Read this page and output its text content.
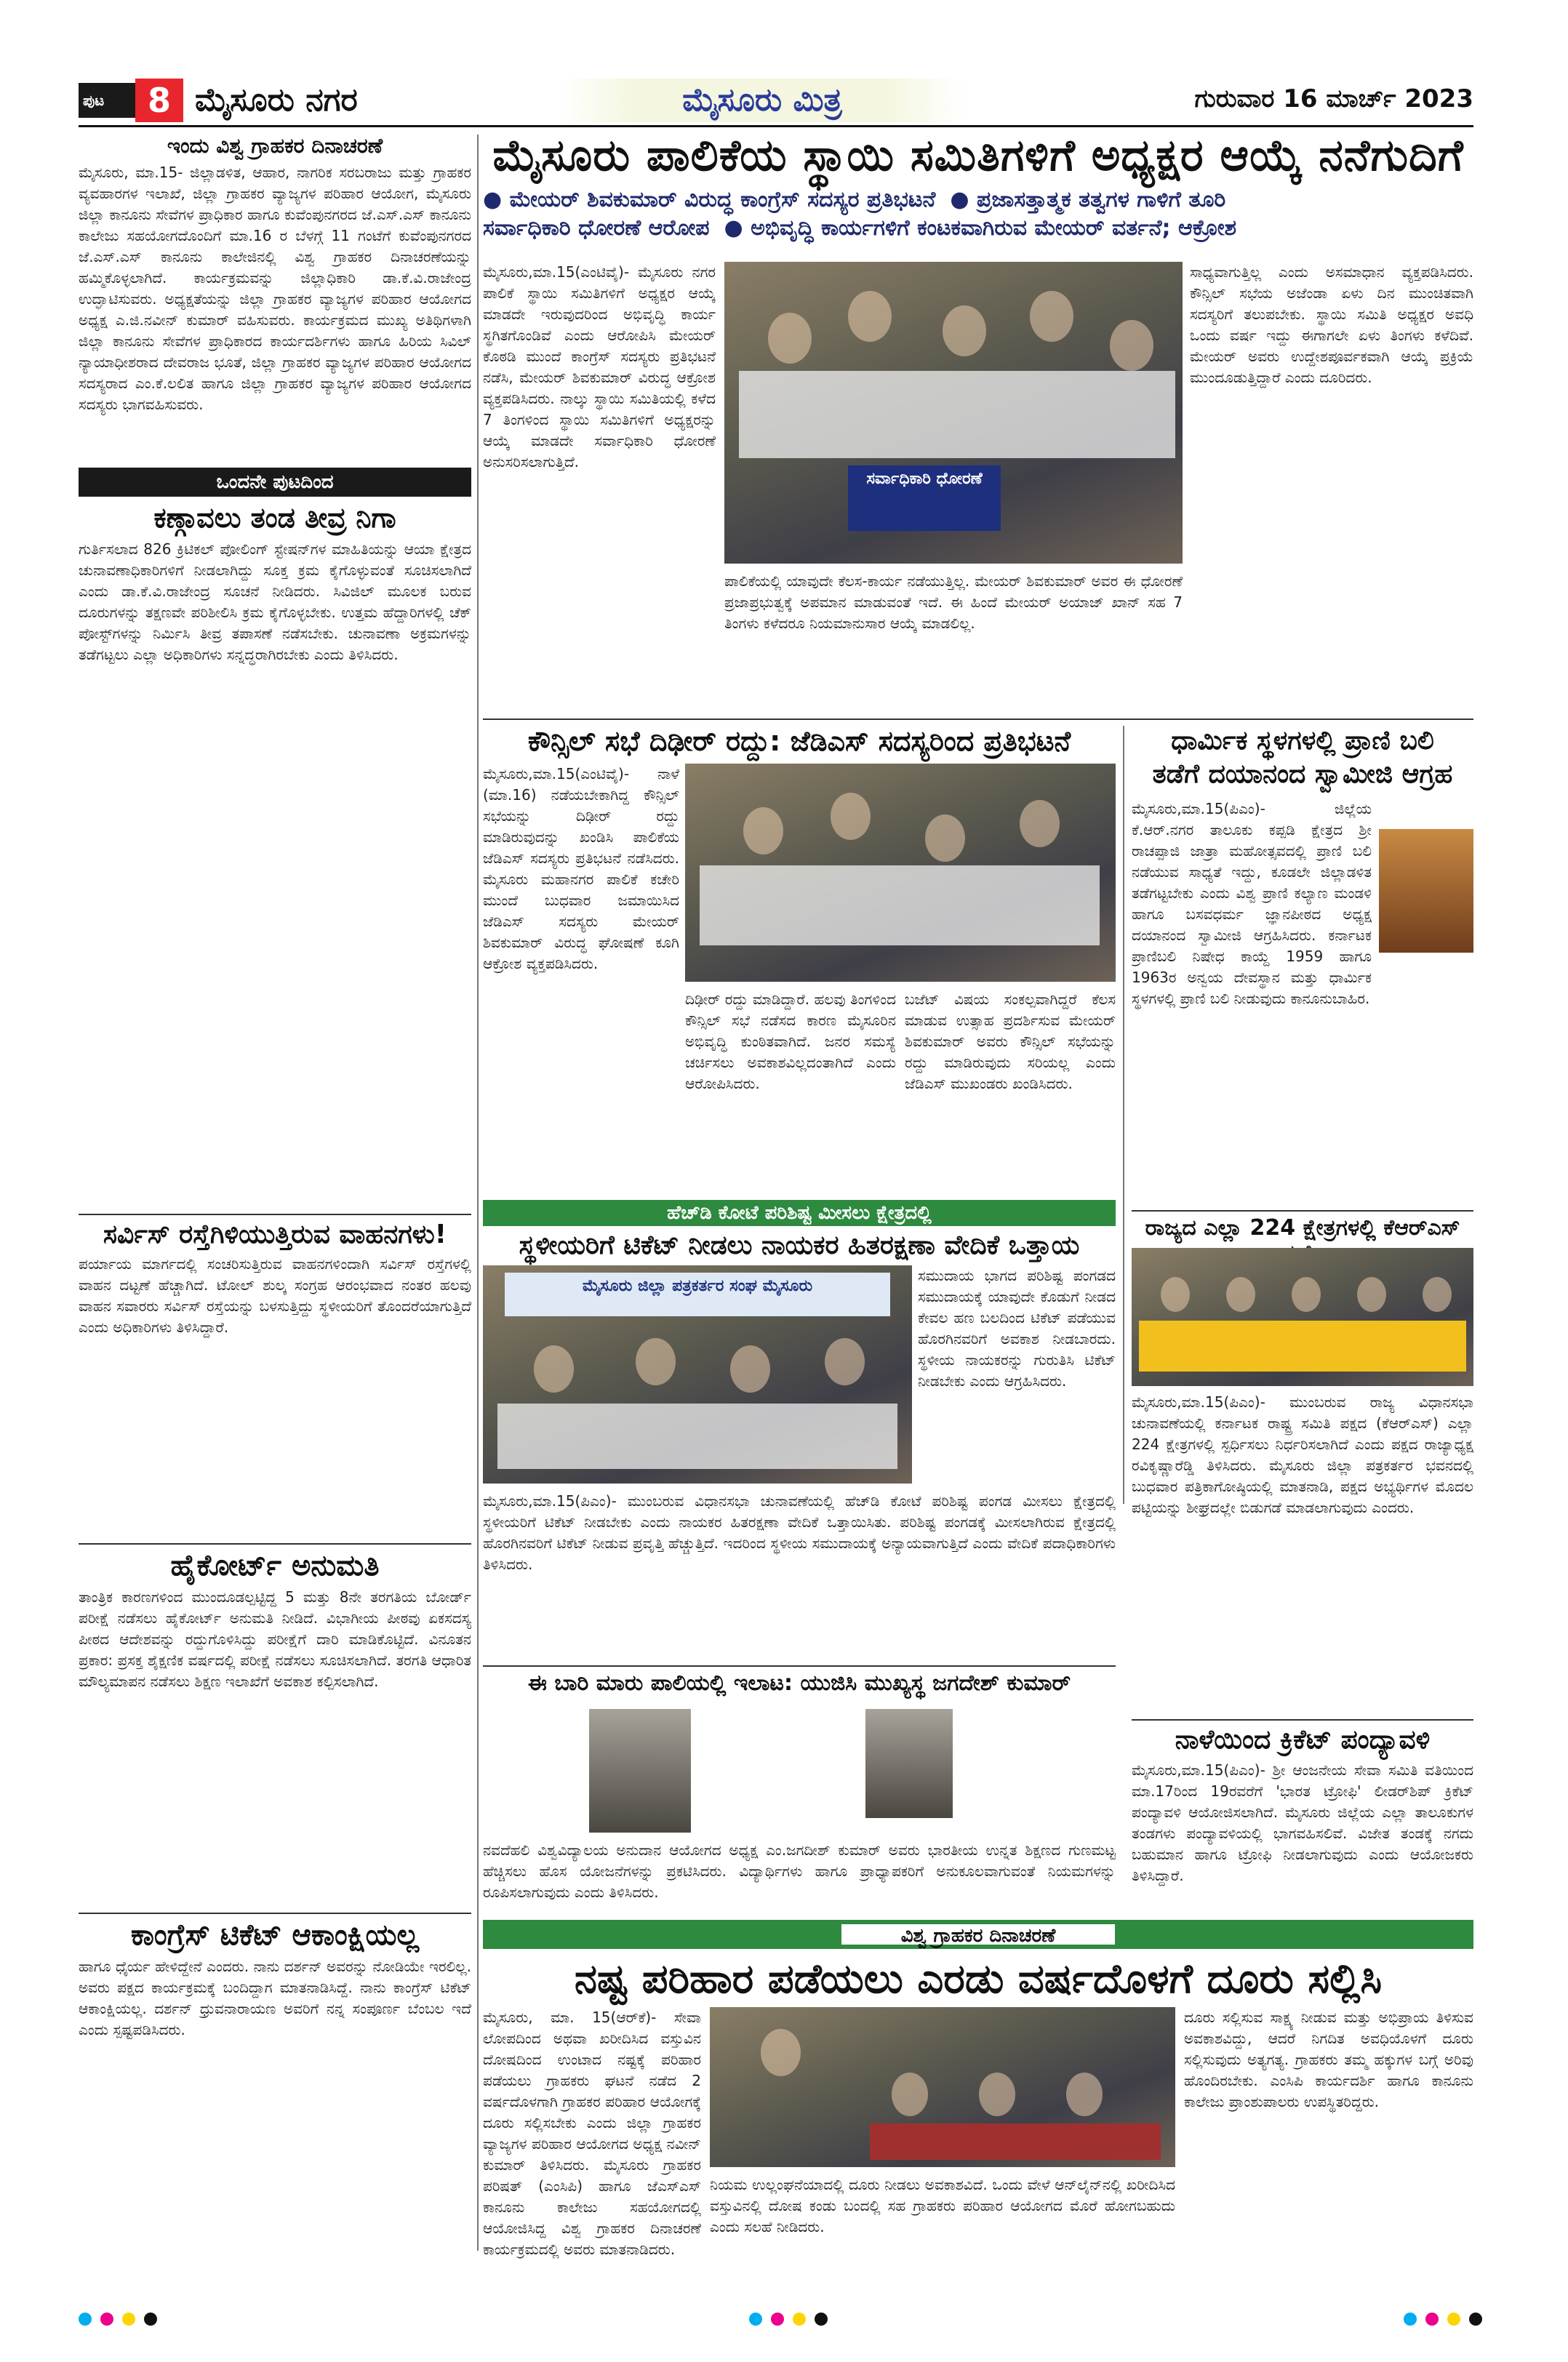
ಪುಟ	8 ಮೈಸೂರು ನಗರ	ಮೈಸೂರು ಮಿತ್ರ	ಗುರುವಾರ 16 ಮಾರ್ಚ್ 2023
ಇಂದು ವಿಶ್ವ ಗ್ರಾಹಕರ ದಿನಾಚರಣೆ
ಮೈಸೂರು, ಮಾ.15- ಜಿಲ್ಲಾಡಳಿತ, ಆಹಾರ, ನಾಗರಿಕ ಸರಬರಾಜು ಮತ್ತು ಗ್ರಾಹಕರ ವ್ಯವಹಾರಗಳ ಇಲಾಖೆ, ಜಿಲ್ಲಾ ಗ್ರಾಹಕರ ವ್ಯಾಜ್ಯಗಳ ಪರಿಹಾರ ಆಯೋಗ, ಮೈಸೂರು ಜಿಲ್ಲಾ ಕಾನೂನು ಸೇವೆಗಳ ಪ್ರಾಧಿಕಾರ ಹಾಗೂ ಕುವೆಂಪುನಗರದ ಜೆ.ಎಸ್.ಎಸ್ ಕಾನೂನು ಕಾಲೇಜು ಸಹಯೋಗದೊಂದಿಗೆ ಮಾ.16 ರ ಬೆಳಗ್ಗೆ 11 ಗಂಟೆಗೆ ಕುವೆಂಪುನಗರದ ಜೆ.ಎಸ್.ಎಸ್ ಕಾನೂನು ಕಾಲೇಜಿನಲ್ಲಿ ವಿಶ್ವ ಗ್ರಾಹಕರ ದಿನಾಚರಣೆಯನ್ನು ಹಮ್ಮಿಕೊಳ್ಳಲಾಗಿದೆ. ಕಾರ್ಯಕ್ರಮವನ್ನು ಜಿಲ್ಲಾಧಿಕಾರಿ ಡಾ.ಕೆ.ವಿ.ರಾಜೇಂದ್ರ ಉದ್ಘಾಟಿಸುವರು. ಅಧ್ಯಕ್ಷತೆಯನ್ನು ಜಿಲ್ಲಾ ಗ್ರಾಹಕರ ವ್ಯಾಜ್ಯಗಳ ಪರಿಹಾರ ಆಯೋಗದ ಅಧ್ಯಕ್ಷ ಎ.ಜಿ.ನವೀನ್ ಕುಮಾರ್ ವಹಿಸುವರು. ಕಾರ್ಯಕ್ರಮದ ಮುಖ್ಯ ಅತಿಥಿಗಳಾಗಿ ಜಿಲ್ಲಾ ಕಾನೂನು ಸೇವೆಗಳ ಪ್ರಾಧಿಕಾರದ ಕಾರ್ಯದರ್ಶಿಗಳು ಹಾಗೂ ಹಿರಿಯ ಸಿವಿಲ್ ನ್ಯಾಯಾಧೀಶರಾದ ದೇವರಾಜ ಭೂತೆ, ಜಿಲ್ಲಾ ಗ್ರಾಹಕರ ವ್ಯಾಜ್ಯಗಳ ಪರಿಹಾರ ಆಯೋಗದ ಸದಸ್ಯರಾದ ಎಂ.ಕೆ.ಲಲಿತ ಹಾಗೂ ಜಿಲ್ಲಾ ಗ್ರಾಹಕರ ವ್ಯಾಜ್ಯಗಳ ಪರಿಹಾರ ಆಯೋಗದ ಸದಸ್ಯರು ಭಾಗವಹಿಸುವರು.
ಒಂದನೇ ಪುಟದಿಂದ
ಕಣ್ಗಾವಲು ತಂಡ ತೀವ್ರ ನಿಗಾ
ಗುರ್ತಿಸಲಾದ 826 ಕ್ರಿಟಿಕಲ್ ಪೋಲಿಂಗ್ ಸ್ಟೇಷನ್‌ಗಳ ಮಾಹಿತಿಯನ್ನು ಆಯಾ ಕ್ಷೇತ್ರದ ಚುನಾವಣಾಧಿಕಾರಿಗಳಿಗೆ ನೀಡಲಾಗಿದ್ದು ಸೂಕ್ತ ಕ್ರಮ ಕೈಗೊಳ್ಳುವಂತೆ ಸೂಚಿಸಲಾಗಿದೆ ಎಂದು ಡಾ.ಕೆ.ವಿ.ರಾಜೇಂದ್ರ ಸೂಚನೆ ನೀಡಿದರು. ಸಿವಿಜಿಲ್ ಮೂಲಕ ಬರುವ ದೂರುಗಳನ್ನು ತಕ್ಷಣವೇ ಪರಿಶೀಲಿಸಿ ಕ್ರಮ ಕೈಗೊಳ್ಳಬೇಕು. ಉತ್ತಮ ಹೆದ್ದಾರಿಗಳಲ್ಲಿ ಚೆಕ್ ಪೋಸ್ಟ್‌ಗಳನ್ನು ನಿರ್ಮಿಸಿ ತೀವ್ರ ತಪಾಸಣೆ ನಡೆಸಬೇಕು. ಚುನಾವಣಾ ಅಕ್ರಮಗಳನ್ನು ತಡೆಗಟ್ಟಲು ಎಲ್ಲಾ ಅಧಿಕಾರಿಗಳು ಸನ್ನದ್ಧರಾಗಿರಬೇಕು ಎಂದು ತಿಳಿಸಿದರು.
ಸರ್ವಿಸ್ ರಸ್ತೆಗಿಳಿಯುತ್ತಿರುವ ವಾಹನಗಳು!
ಪರ್ಯಾಯ ಮಾರ್ಗದಲ್ಲಿ ಸಂಚರಿಸುತ್ತಿರುವ ವಾಹನಗಳಿಂದಾಗಿ ಸರ್ವಿಸ್ ರಸ್ತೆಗಳಲ್ಲಿ ವಾಹನ ದಟ್ಟಣೆ ಹೆಚ್ಚಾಗಿದೆ. ಟೋಲ್ ಶುಲ್ಕ ಸಂಗ್ರಹ ಆರಂಭವಾದ ನಂತರ ಹಲವು ವಾಹನ ಸವಾರರು ಸರ್ವಿಸ್ ರಸ್ತೆಯನ್ನು ಬಳಸುತ್ತಿದ್ದು ಸ್ಥಳೀಯರಿಗೆ ತೊಂದರೆಯಾಗುತ್ತಿದೆ ಎಂದು ಅಧಿಕಾರಿಗಳು ತಿಳಿಸಿದ್ದಾರೆ.
ಹೈಕೋರ್ಟ್ ಅನುಮತಿ
ತಾಂತ್ರಿಕ ಕಾರಣಗಳಿಂದ ಮುಂದೂಡಲ್ಪಟ್ಟಿದ್ದ 5 ಮತ್ತು 8ನೇ ತರಗತಿಯ ಬೋರ್ಡ್ ಪರೀಕ್ಷೆ ನಡೆಸಲು ಹೈಕೋರ್ಟ್ ಅನುಮತಿ ನೀಡಿದೆ. ವಿಭಾಗೀಯ ಪೀಠವು ಏಕಸದಸ್ಯ ಪೀಠದ ಆದೇಶವನ್ನು ರದ್ದುಗೊಳಿಸಿದ್ದು ಪರೀಕ್ಷೆಗೆ ದಾರಿ ಮಾಡಿಕೊಟ್ಟಿದೆ. ವಿನೂತನ ಪ್ರಕಾರ: ಪ್ರಸಕ್ತ ಶೈಕ್ಷಣಿಕ ವರ್ಷದಲ್ಲಿ ಪರೀಕ್ಷೆ ನಡೆಸಲು ಸೂಚಿಸಲಾಗಿದೆ. ತರಗತಿ ಆಧಾರಿತ ಮೌಲ್ಯಮಾಪನ ನಡೆಸಲು ಶಿಕ್ಷಣ ಇಲಾಖೆಗೆ ಅವಕಾಶ ಕಲ್ಪಿಸಲಾಗಿದೆ.
ಕಾಂಗ್ರೆಸ್ ಟಿಕೆಟ್ ಆಕಾಂಕ್ಷಿಯಲ್ಲ
ಹಾಗೂ ಧೈರ್ಯ ಹೇಳಿದ್ದೇನೆ ಎಂದರು. ನಾನು ದರ್ಶನ್ ಅವರನ್ನು ನೋಡಿಯೇ ಇರಲಿಲ್ಲ. ಅವರು ಪಕ್ಷದ ಕಾರ್ಯಕ್ರಮಕ್ಕೆ ಬಂದಿದ್ದಾಗ ಮಾತನಾಡಿಸಿದ್ದೆ. ನಾನು ಕಾಂಗ್ರೆಸ್ ಟಿಕೆಟ್ ಆಕಾಂಕ್ಷಿಯಲ್ಲ. ದರ್ಶನ್ ಧ್ರುವನಾರಾಯಣ ಅವರಿಗೆ ನನ್ನ ಸಂಪೂರ್ಣ ಬೆಂಬಲ ಇದೆ ಎಂದು ಸ್ಪಷ್ಟಪಡಿಸಿದರು.
ಮೈಸೂರು ಪಾಲಿಕೆಯ ಸ್ಥಾಯಿ ಸಮಿತಿಗಳಿಗೆ ಅಧ್ಯಕ್ಷರ ಆಯ್ಕೆ ನನೆಗುದಿಗೆ
● ಮೇಯರ್ ಶಿವಕುಮಾರ್ ವಿರುದ್ಧ ಕಾಂಗ್ರೆಸ್ ಸದಸ್ಯರ ಪ್ರತಿಭಟನೆ ● ಪ್ರಜಾಸತ್ತಾತ್ಮಕ ತತ್ವಗಳ ಗಾಳಿಗೆ ತೂರಿ
ಸರ್ವಾಧಿಕಾರಿ ಧೋರಣೆ ಆರೋಪ ● ಅಭಿವೃದ್ಧಿ ಕಾರ್ಯಗಳಿಗೆ ಕಂಟಕವಾಗಿರುವ ಮೇಯರ್ ವರ್ತನೆ; ಆಕ್ರೋಶ
ಮೈಸೂರು,ಮಾ.15(ಎಂಟಿವೈ)- ಮೈಸೂರು ನಗರ ಪಾಲಿಕೆ ಸ್ಥಾಯಿ ಸಮಿತಿಗಳಿಗೆ ಅಧ್ಯಕ್ಷರ ಆಯ್ಕೆ ಮಾಡದೇ ಇರುವುದರಿಂದ ಅಭಿವೃದ್ಧಿ ಕಾರ್ಯ ಸ್ಥಗಿತಗೊಂಡಿವೆ ಎಂದು ಆರೋಪಿಸಿ ಮೇಯರ್ ಕೊಠಡಿ ಮುಂದೆ ಕಾಂಗ್ರೆಸ್ ಸದಸ್ಯರು ಪ್ರತಿಭಟನೆ ನಡೆಸಿ, ಮೇಯರ್ ಶಿವಕುಮಾರ್ ವಿರುದ್ಧ ಆಕ್ರೋಶ ವ್ಯಕ್ತಪಡಿಸಿದರು. ನಾಲ್ಕು ಸ್ಥಾಯಿ ಸಮಿತಿಯಲ್ಲಿ ಕಳೆದ 7 ತಿಂಗಳಿಂದ ಸ್ಥಾಯಿ ಸಮಿತಿಗಳಿಗೆ ಅಧ್ಯಕ್ಷರನ್ನು ಆಯ್ಕೆ ಮಾಡದೇ ಸರ್ವಾಧಿಕಾರಿ ಧೋರಣೆ ಅನುಸರಿಸಲಾಗುತ್ತಿದೆ.
ಸರ್ವಾಧಿಕಾರಿ ಧೋರಣೆ
ಪಾಲಿಕೆಯಲ್ಲಿ ಯಾವುದೇ ಕೆಲಸ-ಕಾರ್ಯ ನಡೆಯುತ್ತಿಲ್ಲ. ಮೇಯರ್ ಶಿವಕುಮಾರ್ ಅವರ ಈ ಧೋರಣೆ ಪ್ರಜಾಪ್ರಭುತ್ವಕ್ಕೆ ಅಪಮಾನ ಮಾಡುವಂತೆ ಇದೆ. ಈ ಹಿಂದೆ ಮೇಯರ್ ಅಯಾಜ್ ಖಾನ್ ಸಹ 7 ತಿಂಗಳು ಕಳೆದರೂ ನಿಯಮಾನುಸಾರ ಆಯ್ಕೆ ಮಾಡಲಿಲ್ಲ.
ಸಾಧ್ಯವಾಗುತ್ತಿಲ್ಲ ಎಂದು ಅಸಮಾಧಾನ ವ್ಯಕ್ತಪಡಿಸಿದರು. ಕೌನ್ಸಿಲ್ ಸಭೆಯ ಅಜೆಂಡಾ ಏಳು ದಿನ ಮುಂಚಿತವಾಗಿ ಸದಸ್ಯರಿಗೆ ತಲುಪಬೇಕು. ಸ್ಥಾಯಿ ಸಮಿತಿ ಅಧ್ಯಕ್ಷರ ಅವಧಿ ಒಂದು ವರ್ಷ ಇದ್ದು ಈಗಾಗಲೇ ಏಳು ತಿಂಗಳು ಕಳೆದಿವೆ. ಮೇಯರ್ ಅವರು ಉದ್ದೇಶಪೂರ್ವಕವಾಗಿ ಆಯ್ಕೆ ಪ್ರಕ್ರಿಯೆ ಮುಂದೂಡುತ್ತಿದ್ದಾರೆ ಎಂದು ದೂರಿದರು.
ಕೌನ್ಸಿಲ್ ಸಭೆ ದಿಢೀರ್ ರದ್ದು: ಜೆಡಿಎಸ್ ಸದಸ್ಯರಿಂದ ಪ್ರತಿಭಟನೆ
ಮೈಸೂರು,ಮಾ.15(ಎಂಟಿವೈ)- ನಾಳೆ (ಮಾ.16) ನಡೆಯಬೇಕಾಗಿದ್ದ ಕೌನ್ಸಿಲ್ ಸಭೆಯನ್ನು ದಿಢೀರ್ ರದ್ದು ಮಾಡಿರುವುದನ್ನು ಖಂಡಿಸಿ ಪಾಲಿಕೆಯ ಜೆಡಿಎಸ್ ಸದಸ್ಯರು ಪ್ರತಿಭಟನೆ ನಡೆಸಿದರು. ಮೈಸೂರು ಮಹಾನಗರ ಪಾಲಿಕೆ ಕಚೇರಿ ಮುಂದೆ ಬುಧವಾರ ಜಮಾಯಿಸಿದ ಜೆಡಿಎಸ್ ಸದಸ್ಯರು ಮೇಯರ್ ಶಿವಕುಮಾರ್ ವಿರುದ್ಧ ಘೋಷಣೆ ಕೂಗಿ ಆಕ್ರೋಶ ವ್ಯಕ್ತಪಡಿಸಿದರು.
ದಿಢೀರ್ ರದ್ದು ಮಾಡಿದ್ದಾರೆ. ಹಲವು ತಿಂಗಳಿಂದ ಕೌನ್ಸಿಲ್ ಸಭೆ ನಡೆಸದ ಕಾರಣ ಮೈಸೂರಿನ ಅಭಿವೃದ್ಧಿ ಕುಂಠಿತವಾಗಿದೆ. ಜನರ ಸಮಸ್ಯೆ ಚರ್ಚಿಸಲು ಅವಕಾಶವಿಲ್ಲದಂತಾಗಿದೆ ಎಂದು ಆರೋಪಿಸಿದರು.
ಬಜೆಟ್ ವಿಷಯ ಸಂಕಲ್ಪವಾಗಿದ್ದರೆ ಕೆಲಸ ಮಾಡುವ ಉತ್ಸಾಹ ಪ್ರದರ್ಶಿಸುವ ಮೇಯರ್ ಶಿವಕುಮಾರ್ ಅವರು ಕೌನ್ಸಿಲ್ ಸಭೆಯನ್ನು ರದ್ದು ಮಾಡಿರುವುದು ಸರಿಯಲ್ಲ ಎಂದು ಜೆಡಿಎಸ್ ಮುಖಂಡರು ಖಂಡಿಸಿದರು.
ಧಾರ್ಮಿಕ ಸ್ಥಳಗಳಲ್ಲಿ ಪ್ರಾಣಿ ಬಲಿ
ತಡೆಗೆ ದಯಾನಂದ ಸ್ವಾಮೀಜಿ ಆಗ್ರಹ
ಮೈಸೂರು,ಮಾ.15(ಪಿಎಂ)- ಜಿಲ್ಲೆಯ ಕೆ.ಆರ್.ನಗರ ತಾಲೂಕು ಕಪ್ಪಡಿ ಕ್ಷೇತ್ರದ ಶ್ರೀ ರಾಚಪ್ಪಾಜಿ ಜಾತ್ರಾ ಮಹೋತ್ಸವದಲ್ಲಿ ಪ್ರಾಣಿ ಬಲಿ ನಡೆಯುವ ಸಾಧ್ಯತೆ ಇದ್ದು, ಕೂಡಲೇ ಜಿಲ್ಲಾಡಳಿತ ತಡೆಗಟ್ಟಬೇಕು ಎಂದು ವಿಶ್ವ ಪ್ರಾಣಿ ಕಲ್ಯಾಣ ಮಂಡಳಿ ಹಾಗೂ ಬಸವಧರ್ಮ ಜ್ಞಾನಪೀಠದ ಅಧ್ಯಕ್ಷ ದಯಾನಂದ ಸ್ವಾಮೀಜಿ ಆಗ್ರಹಿಸಿದರು. ಕರ್ನಾಟಕ ಪ್ರಾಣಿಬಲಿ ನಿಷೇಧ ಕಾಯ್ದೆ 1959 ಹಾಗೂ 1963ರ ಅನ್ವಯ ದೇವಸ್ಥಾನ ಮತ್ತು ಧಾರ್ಮಿಕ ಸ್ಥಳಗಳಲ್ಲಿ ಪ್ರಾಣಿ ಬಲಿ ನೀಡುವುದು ಕಾನೂನುಬಾಹಿರ.
ರಾಜ್ಯದ ಎಲ್ಲಾ 224 ಕ್ಷೇತ್ರಗಳಲ್ಲಿ ಕೆಆರ್‌ಎಸ್
ಮೈಸೂರು,ಮಾ.15(ಪಿಎಂ)- ಮುಂಬರುವ ರಾಜ್ಯ ವಿಧಾನಸಭಾ ಚುನಾವಣೆಯಲ್ಲಿ ಕರ್ನಾಟಕ ರಾಷ್ಟ್ರ ಸಮಿತಿ ಪಕ್ಷದ (ಕೆಆರ್‌ಎಸ್) ಎಲ್ಲಾ 224 ಕ್ಷೇತ್ರಗಳಲ್ಲಿ ಸ್ಪರ್ಧಿಸಲು ನಿರ್ಧರಿಸಲಾಗಿದೆ ಎಂದು ಪಕ್ಷದ ರಾಜ್ಯಾಧ್ಯಕ್ಷ ರವಿಕೃಷ್ಣಾರೆಡ್ಡಿ ತಿಳಿಸಿದರು. ಮೈಸೂರು ಜಿಲ್ಲಾ ಪತ್ರಕರ್ತರ ಭವನದಲ್ಲಿ ಬುಧವಾರ ಪತ್ರಿಕಾಗೋಷ್ಠಿಯಲ್ಲಿ ಮಾತನಾಡಿ, ಪಕ್ಷದ ಅಭ್ಯರ್ಥಿಗಳ ಮೊದಲ ಪಟ್ಟಿಯನ್ನು ಶೀಘ್ರದಲ್ಲೇ ಬಿಡುಗಡೆ ಮಾಡಲಾಗುವುದು ಎಂದರು.
ಹೆಚ್‌ಡಿ ಕೋಟೆ ಪರಿಶಿಷ್ಟ ಮೀಸಲು ಕ್ಷೇತ್ರದಲ್ಲಿ
ಸ್ಥಳೀಯರಿಗೆ ಟಿಕೆಟ್ ನೀಡಲು ನಾಯಕರ ಹಿತರಕ್ಷಣಾ ವೇದಿಕೆ ಒತ್ತಾಯ
ಮೈಸೂರು ಜಿಲ್ಲಾ ಪತ್ರಕರ್ತರ ಸಂಘ ಮೈಸೂರು
ಸಮುದಾಯ ಭಾಗದ ಪರಿಶಿಷ್ಟ ಪಂಗಡದ ಸಮುದಾಯಕ್ಕೆ ಯಾವುದೇ ಕೊಡುಗೆ ನೀಡದ ಕೇವಲ ಹಣ ಬಲದಿಂದ ಟಿಕೆಟ್ ಪಡೆಯುವ ಹೊರಗಿನವರಿಗೆ ಅವಕಾಶ ನೀಡಬಾರದು. ಸ್ಥಳೀಯ ನಾಯಕರನ್ನು ಗುರುತಿಸಿ ಟಿಕೆಟ್ ನೀಡಬೇಕು ಎಂದು ಆಗ್ರಹಿಸಿದರು.
ಮೈಸೂರು,ಮಾ.15(ಪಿಎಂ)- ಮುಂಬರುವ ವಿಧಾನಸಭಾ ಚುನಾವಣೆಯಲ್ಲಿ ಹೆಚ್‌ಡಿ ಕೋಟೆ ಪರಿಶಿಷ್ಟ ಪಂಗಡ ಮೀಸಲು ಕ್ಷೇತ್ರದಲ್ಲಿ ಸ್ಥಳೀಯರಿಗೆ ಟಿಕೆಟ್ ನೀಡಬೇಕು ಎಂದು ನಾಯಕರ ಹಿತರಕ್ಷಣಾ ವೇದಿಕೆ ಒತ್ತಾಯಿಸಿತು. ಪರಿಶಿಷ್ಟ ಪಂಗಡಕ್ಕೆ ಮೀಸಲಾಗಿರುವ ಕ್ಷೇತ್ರದಲ್ಲಿ ಹೊರಗಿನವರಿಗೆ ಟಿಕೆಟ್ ನೀಡುವ ಪ್ರವೃತ್ತಿ ಹೆಚ್ಚುತ್ತಿದೆ. ಇದರಿಂದ ಸ್ಥಳೀಯ ಸಮುದಾಯಕ್ಕೆ ಅನ್ಯಾಯವಾಗುತ್ತಿದೆ ಎಂದು ವೇದಿಕೆ ಪದಾಧಿಕಾರಿಗಳು ತಿಳಿಸಿದರು.
ಈ ಬಾರಿ ಮಾರು ಪಾಲಿಯಲ್ಲಿ ಇಲಾಟ: ಯುಜಿಸಿ ಮುಖ್ಯಸ್ಥ ಜಗದೇಶ್ ಕುಮಾರ್
ನವದೆಹಲಿ ವಿಶ್ವವಿದ್ಯಾಲಯ ಅನುದಾನ ಆಯೋಗದ ಅಧ್ಯಕ್ಷ ಎಂ.ಜಗದೀಶ್ ಕುಮಾರ್ ಅವರು ಭಾರತೀಯ ಉನ್ನತ ಶಿಕ್ಷಣದ ಗುಣಮಟ್ಟ ಹೆಚ್ಚಿಸಲು ಹೊಸ ಯೋಜನೆಗಳನ್ನು ಪ್ರಕಟಿಸಿದರು. ವಿದ್ಯಾರ್ಥಿಗಳು ಹಾಗೂ ಪ್ರಾಧ್ಯಾಪಕರಿಗೆ ಅನುಕೂಲವಾಗುವಂತೆ ನಿಯಮಗಳನ್ನು ರೂಪಿಸಲಾಗುವುದು ಎಂದು ತಿಳಿಸಿದರು.
ನಾಳೆಯಿಂದ ಕ್ರಿಕೆಟ್ ಪಂದ್ಯಾವಳಿ
ಮೈಸೂರು,ಮಾ.15(ಪಿಎಂ)- ಶ್ರೀ ಆಂಜನೇಯ ಸೇವಾ ಸಮಿತಿ ವತಿಯಿಂದ ಮಾ.17ರಿಂದ 19ರವರೆಗೆ 'ಭಾರತ ಟ್ರೋಫಿ' ಲೀಡರ್‌ಶಿಪ್ ಕ್ರಿಕೆಟ್ ಪಂದ್ಯಾವಳಿ ಆಯೋಜಿಸಲಾಗಿದೆ. ಮೈಸೂರು ಜಿಲ್ಲೆಯ ಎಲ್ಲಾ ತಾಲೂಕುಗಳ ತಂಡಗಳು ಪಂದ್ಯಾವಳಿಯಲ್ಲಿ ಭಾಗವಹಿಸಲಿವೆ. ವಿಜೇತ ತಂಡಕ್ಕೆ ನಗದು ಬಹುಮಾನ ಹಾಗೂ ಟ್ರೋಫಿ ನೀಡಲಾಗುವುದು ಎಂದು ಆಯೋಜಕರು ತಿಳಿಸಿದ್ದಾರೆ.
ವಿಶ್ವ ಗ್ರಾಹಕರ ದಿನಾಚರಣೆ
ನಷ್ಟ ಪರಿಹಾರ ಪಡೆಯಲು ಎರಡು ವರ್ಷದೊಳಗೆ ದೂರು ಸಲ್ಲಿಸಿ
ಮೈಸೂರು, ಮಾ. 15(ಆರ್‌ಕೆ)- ಸೇವಾ ಲೋಪದಿಂದ ಅಥವಾ ಖರೀದಿಸಿದ ವಸ್ತುವಿನ ದೋಷದಿಂದ ಉಂಟಾದ ನಷ್ಟಕ್ಕೆ ಪರಿಹಾರ ಪಡೆಯಲು ಗ್ರಾಹಕರು ಘಟನೆ ನಡೆದ 2 ವರ್ಷದೊಳಗಾಗಿ ಗ್ರಾಹಕರ ಪರಿಹಾರ ಆಯೋಗಕ್ಕೆ ದೂರು ಸಲ್ಲಿಸಬೇಕು ಎಂದು ಜಿಲ್ಲಾ ಗ್ರಾಹಕರ ವ್ಯಾಜ್ಯಗಳ ಪರಿಹಾರ ಆಯೋಗದ ಅಧ್ಯಕ್ಷ ನವೀನ್ ಕುಮಾರ್ ತಿಳಿಸಿದರು. ಮೈಸೂರು ಗ್ರಾಹಕರ ಪರಿಷತ್ (ಎಂಸಿಪಿ) ಹಾಗೂ ಜೆಎಸ್‌ಎಸ್ ಕಾನೂನು ಕಾಲೇಜು ಸಹಯೋಗದಲ್ಲಿ ಆಯೋಜಿಸಿದ್ದ ವಿಶ್ವ ಗ್ರಾಹಕರ ದಿನಾಚರಣೆ ಕಾರ್ಯಕ್ರಮದಲ್ಲಿ ಅವರು ಮಾತನಾಡಿದರು.
ನಿಯಮ ಉಲ್ಲಂಘನೆಯಾದಲ್ಲಿ ದೂರು ನೀಡಲು ಅವಕಾಶವಿದೆ. ಒಂದು ವೇಳೆ ಆನ್‌ಲೈನ್‌ನಲ್ಲಿ ಖರೀದಿಸಿದ ವಸ್ತುವಿನಲ್ಲಿ ದೋಷ ಕಂಡು ಬಂದಲ್ಲಿ ಸಹ ಗ್ರಾಹಕರು ಪರಿಹಾರ ಆಯೋಗದ ಮೊರೆ ಹೋಗಬಹುದು ಎಂದು ಸಲಹೆ ನೀಡಿದರು.
ದೂರು ಸಲ್ಲಿಸುವ ಸಾಕ್ಷ್ಯ ನೀಡುವ ಮತ್ತು ಅಭಿಪ್ರಾಯ ತಿಳಿಸುವ ಅವಕಾಶವಿದ್ದು, ಆದರೆ ನಿಗದಿತ ಅವಧಿಯೊಳಗೆ ದೂರು ಸಲ್ಲಿಸುವುದು ಅತ್ಯಗತ್ಯ. ಗ್ರಾಹಕರು ತಮ್ಮ ಹಕ್ಕುಗಳ ಬಗ್ಗೆ ಅರಿವು ಹೊಂದಿರಬೇಕು. ಎಂಸಿಪಿ ಕಾರ್ಯದರ್ಶಿ ಹಾಗೂ ಕಾನೂನು ಕಾಲೇಜು ಪ್ರಾಂಶುಪಾಲರು ಉಪಸ್ಥಿತರಿದ್ದರು.
